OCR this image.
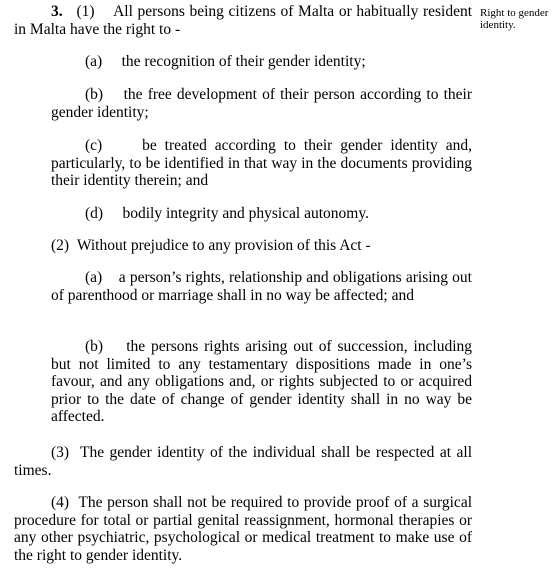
Right to gender identity.

3. (1) All persons being citizens of Malta or habitually resident in Malta have the right to -

(a) the recognition of their gender identity;

(b) the free development of their person according to their gender identity;

(c)	be treated according to their gender identity and, particularly, to be identified in that way in the documents providing their identity therein; and

(d) bodily integrity and physical autonomy.

(2) Without prejudice to any provision of this Act -

(a) a person’s rights, relationship and obligations arising out of parenthood or marriage shall in no way be affected; and

(b) the persons rights arising out of succession, including but not limited to any testamentary dispositions made in one’s favour, and any obligations and, or rights subjected to or acquired prior to the date of change of gender identity shall in no way be affected.

(3) The gender identity of the individual shall be respected at all times.

(4) The person shall not be required to provide proof of a surgical procedure for total or partial genital reassignment, hormonal therapies or any other psychiatric, psychological or medical treatment to make use of the right to gender identity.
